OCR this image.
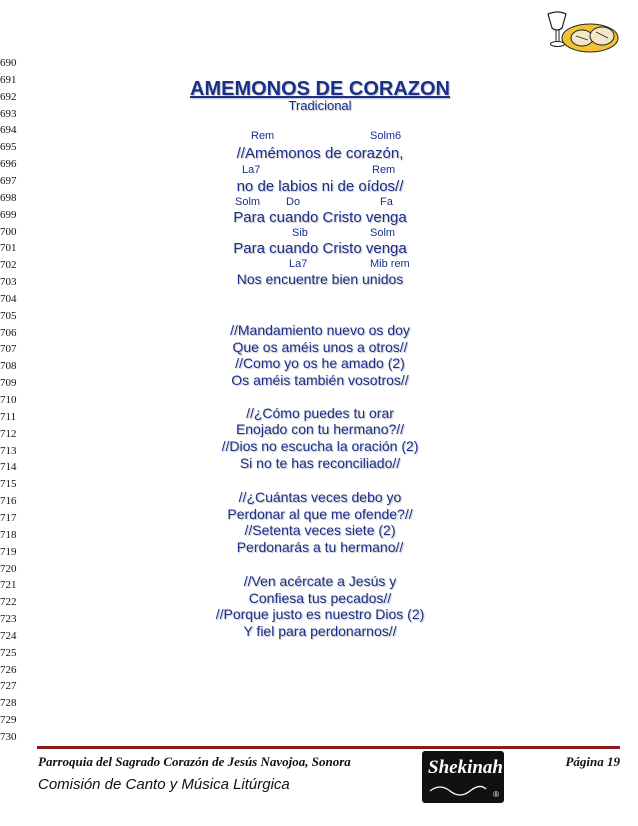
690
691
692
693
694
695
696
697
698
699
700
701
702
703
704
705
706
707
708
709
710
711
712
713
714
715
716
717
718
719
720
721
722
723
724
725
726
727
728
729
730
AMEMONOS DE CORAZON
Tradicional
Rem	Solm6
La7	Rem
Solm Do	Fa
Sib	Solm
La7	Mib rem
//Amémonos de corazón,
no de labios ni de oídos//
Para cuando Cristo venga
Para cuando Cristo venga
Nos encuentre bien unidos
//Mandamiento nuevo os doy
Que os améis unos a otros//
//Como yo os he amado (2)
Os améis también vosotros//
//¿Cómo puedes tu orar
Enojado con tu hermano?//
//Dios no escucha la oración (2)
Si no te has reconciliado//
//¿Cuántas veces debo yo
Perdonar al que me ofende?//
//Setenta veces siete (2)
Perdonarás a tu hermano//
//Ven acércate a Jesús y
Confiesa tus pecados//
//Porque justo es nuestro Dios (2)
Y fiel para perdonarnos//
Parroquia del Sagrado Corazón de Jesús Navojoa, Sonora
Comisión de Canto y Música Litúrgica
Página 19
Shekinah
®
